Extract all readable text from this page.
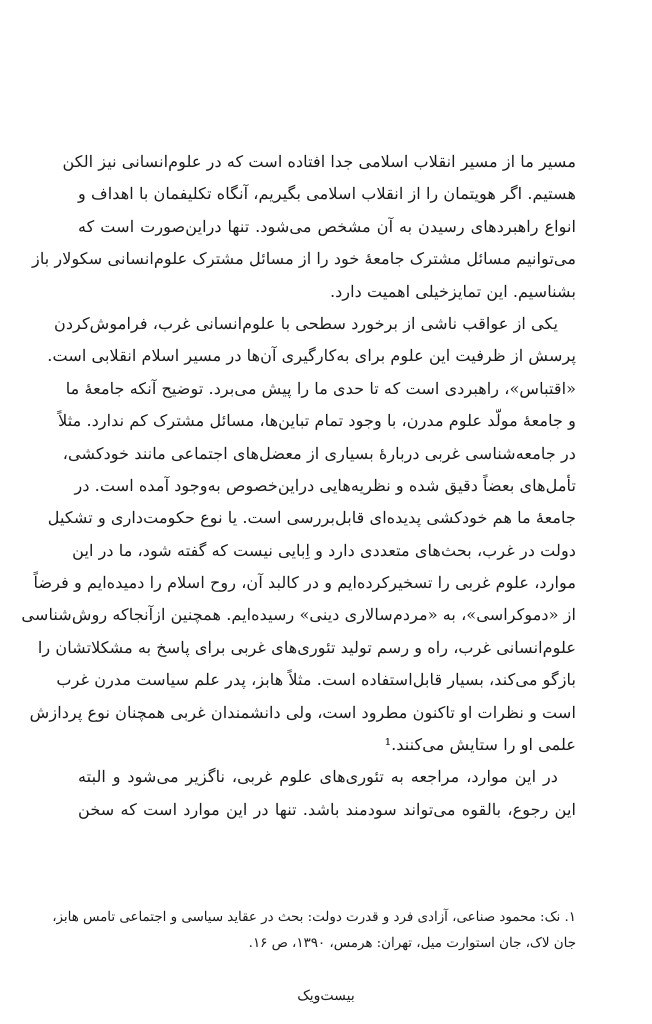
مسیر ما از مسیر انقلاب اسلامی جدا افتاده است که در علوم‌انسانی نیز الکن
هستیم. اگر هویتمان را از انقلاب اسلامی بگیریم، آنگاه تکلیفمان با اهداف و
انواع راهبردهای رسیدن به آن مشخص می‌شود. تنها دراین‌صورت است که
می‌توانیم مسائل مشترک جامعهٔ خود را از مسائل مشترک علوم‌انسانی سکولار باز
بشناسیم. این تمایزخیلی اهمیت دارد.
یکی از عواقب ناشی از برخورد سطحی با علوم‌انسانی غرب، فراموش‌کردن
پرسش از ظرفیت این علوم برای به‌کارگیری آن‌ها در مسیر اسلام انقلابی است.
«اقتباس»، راهبردی است که تا حدی ما را پیش می‌برد. توضیح آنکه جامعهٔ ما
و جامعهٔ مولّد علوم مدرن، با وجود تمام تباین‌ها، مسائل مشترک کم ندارد. مثلاً
در جامعه‌شناسی غربی دربارهٔ بسیاری از معضل‌های اجتماعی مانند خودکشی،
تأمل‌های بعضاً دقیق شده و نظریه‌هایی دراین‌خصوص به‌وجود آمده است. در
جامعهٔ ما هم خودکشی پدیده‌ای قابل‌بررسی است. یا نوع حکومت‌داری و تشکیل
دولت در غرب، بحث‌های متعددی دارد و اِبایی نیست که گفته شود، ما در این
موارد، علوم غربی را تسخیرکرده‌ایم و در کالبد آن، روح اسلام را دمیده‌ایم و فرضاً
از «دموکراسی»، به «مردم‌سالاری دینی» رسیده‌ایم. همچنین ازآنجاکه روش‌شناسی
علوم‌انسانی غرب، راه و رسم تولید تئوری‌های غربی برای پاسخ به مشکلاتشان را
بازگو می‌کند، بسیار قابل‌استفاده است. مثلاً هابز، پدر علم سیاست مدرن غرب
است و نظرات او تاکنون مطرود است، ولی دانشمندان غربی همچنان نوع پردازش
علمی او را ستایش می‌کنند.¹
در این موارد، مراجعه به تئوری‌های علوم غربی، ناگزیر می‌شود و البته
این رجوع، بالقوه می‌تواند سودمند باشد. تنها در این موارد است که سخن
۱. نک: محمود صناعی، آزادی فرد و قدرت دولت: بحث در عقاید سیاسی و اجتماعی تامس هابز،
جان لاک، جان استوارت میل، تهران: هرمس، ۱۳۹۰، ص ۱۶.
بیست‌ویک
